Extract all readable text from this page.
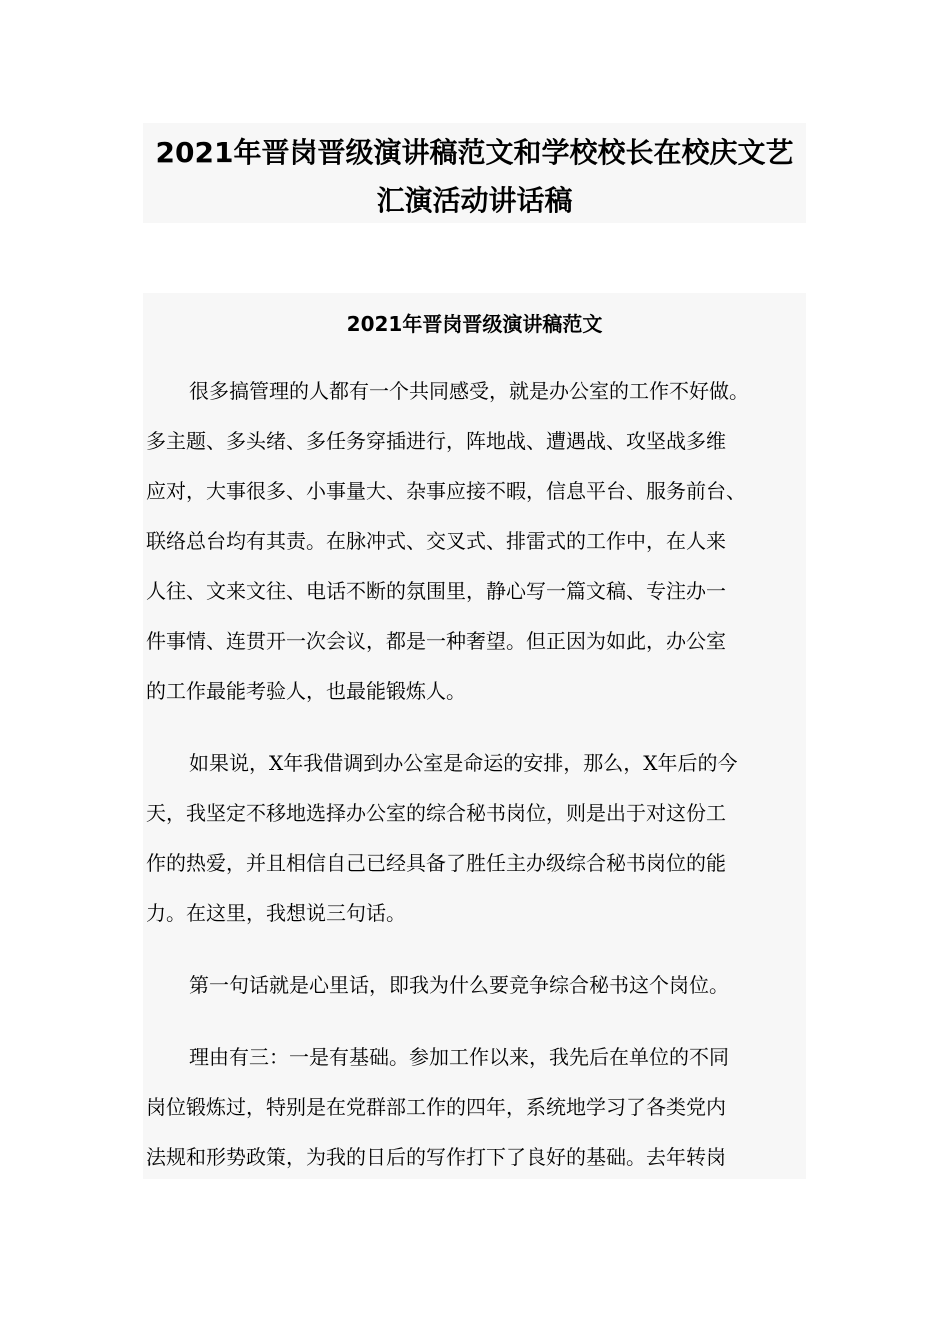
2021年晋岗晋级演讲稿范文和学校校长在校庆文艺
汇演活动讲话稿
2021年晋岗晋级演讲稿范文
很多搞管理的人都有一个共同感受，就是办公室的工作不好做。
多主题、多头绪、多任务穿插进行，阵地战、遭遇战、攻坚战多维
应对，大事很多、小事量大、杂事应接不暇，信息平台、服务前台、
联络总台均有其责。在脉冲式、交叉式、排雷式的工作中，在人来
人往、文来文往、电话不断的氛围里，静心写一篇文稿、专注办一
件事情、连贯开一次会议，都是一种奢望。但正因为如此，办公室
的工作最能考验人，也最能锻炼人。
如果说，X年我借调到办公室是命运的安排，那么，X年后的今
天，我坚定不移地选择办公室的综合秘书岗位，则是出于对这份工
作的热爱，并且相信自己已经具备了胜任主办级综合秘书岗位的能
力。在这里，我想说三句话。
第一句话就是心里话，即我为什么要竞争综合秘书这个岗位。
理由有三：一是有基础。参加工作以来，我先后在单位的不同
岗位锻炼过，特别是在党群部工作的四年，系统地学习了各类党内
法规和形势政策，为我的日后的写作打下了良好的基础。去年转岗
